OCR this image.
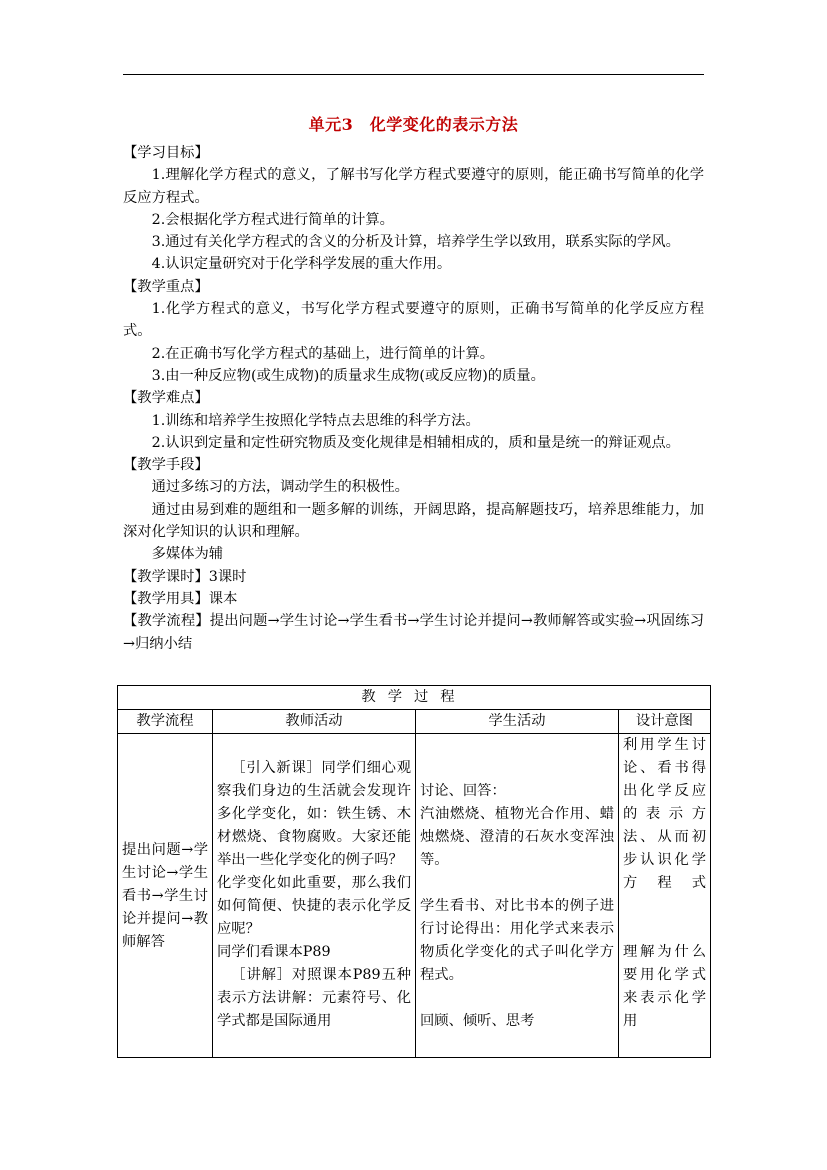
单元3　化学变化的表示方法

【学习目标】

1.理解化学方程式的意义，了解书写化学方程式要遵守的原则，能正确书写简单的化学反应方程式。

2.会根据化学方程式进行简单的计算。

3.通过有关化学方程式的含义的分析及计算，培养学生学以致用，联系实际的学风。

4.认识定量研究对于化学科学发展的重大作用。

【教学重点】

1.化学方程式的意义，书写化学方程式要遵守的原则，正确书写简单的化学反应方程式。

2.在正确书写化学方程式的基础上，进行简单的计算。

3.由一种反应物(或生成物)的质量求生成物(或反应物)的质量。

【教学难点】

1.训练和培养学生按照化学特点去思维的科学方法。

2.认识到定量和定性研究物质及变化规律是相辅相成的，质和量是统一的辩证观点。

【教学手段】

通过多练习的方法，调动学生的积极性。

通过由易到难的题组和一题多解的训练，开阔思路，提高解题技巧，培养思维能力，加深对化学知识的认识和理解。

多媒体为辅

【教学课时】3课时

【教学用具】课本

【教学流程】提出问题→学生讨论→学生看书→学生讨论并提问→教师解答或实验→巩固练习→归纳小结

教学过程			
教学流程	教师活动	学生活动	设计意图

提出问题→学生讨论→学生看书→学生讨论并提问→教师解答	［引入新课］同学们细心观察我们身边的生活就会发现许多化学变化，如：铁生锈、木材燃烧、食物腐败。大家还能举出一些化学变化的例子吗？
化学变化如此重要，那么我们如何简便、快捷的表示化学反应呢？
同学们看课本P89
［讲解］对照课本P89五种表示方法讲解：元素符号、化学式都是国际通用	讨论、回答：
汽油燃烧、植物光合作用、蜡烛燃烧、澄清的石灰水变浑浊等。
学生看书、对比书本的例子进行讨论得出：用化学式来表示物质化学变化的式子叫化学方程式。
回顾、倾听、思考	利用学生讨论、看书得出化学反应的表示方法、从而初步认识化学方程式
理解为什么要用化学式来表示化学用
